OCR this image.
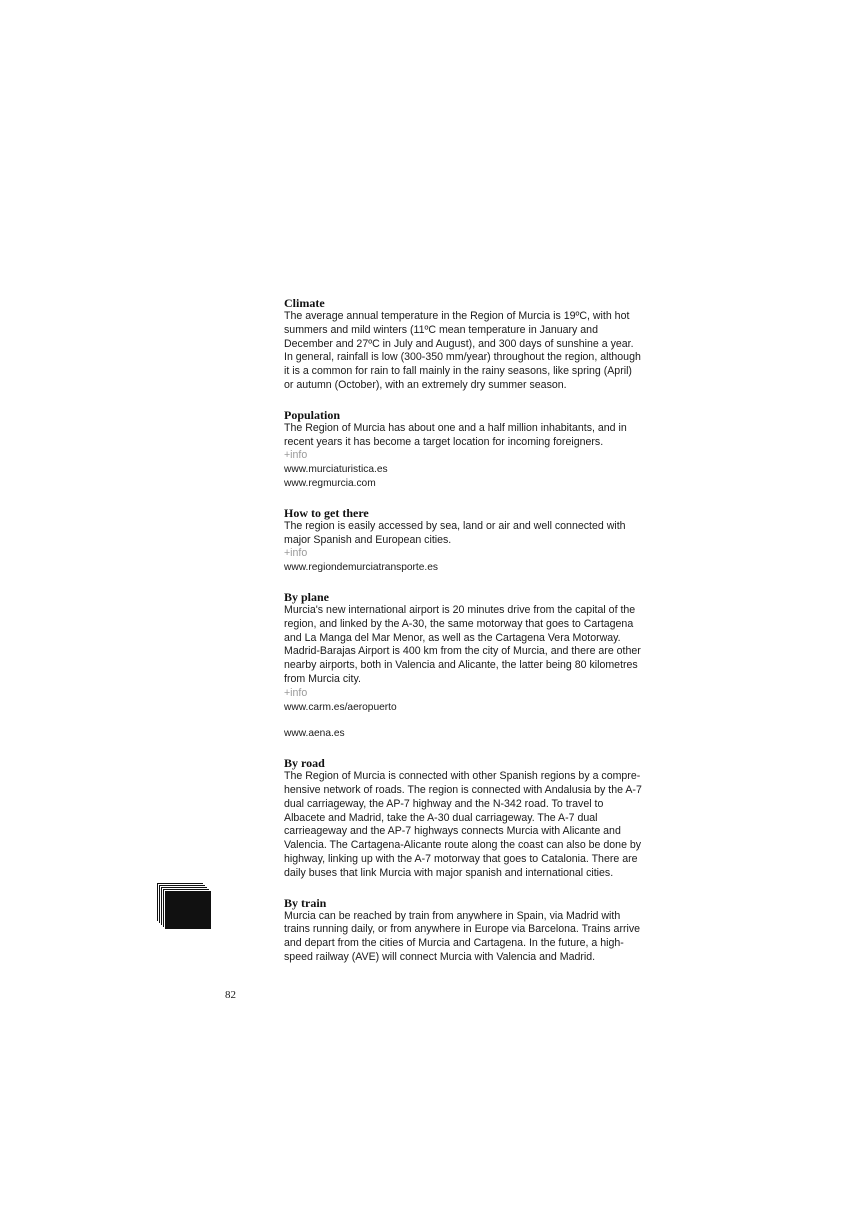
Climate

The average annual temperature in the Region of Murcia is 19ºC, with hot summers and mild winters (11ºC mean temperature in January and December and 27ºC in July and August), and 300 days of sunshine a year. In general, rainfall is low (300-350 mm/year) throughout the region, although it is a common for rain to fall mainly in the rainy seasons, like spring (April) or autumn (October), with an extremely dry summer season.

Population

The Region of Murcia has about one and a half million inhabitants, and in recent years it has become a target location for incoming foreigners.

+info

www.murciaturistica.es
www.regmurcia.com
How to get there

The region is easily accessed by sea, land or air and well connected with major Spanish and European cities.

+info

www.regiondemurciatransporte.es
By plane

Murcia's new international airport is 20 minutes drive from the capital of the region, and linked by the A-30, the same motorway that goes to Cartagena and La Manga del Mar Menor, as well as the Cartagena Vera Motorway. Madrid-Barajas Airport is 400 km from the city of Murcia, and there are other nearby airports, both in Valencia and Alicante, the latter being 80 kilometres from Murcia city.

+info

www.carm.es/aeropuerto
www.aena.es
By road

The Region of Murcia is connected with other Spanish regions by a compre-hensive network of roads. The region is connected with Andalusia by the A-7 dual carriageway, the AP-7 highway and the N-342 road. To travel to Albacete and Madrid, take the A-30 dual carriageway. The A-7 dual carrieageway and the AP-7 highways connects Murcia with Alicante and Valencia. The Cartagena-Alicante route along the coast can also be done by highway, linking up with the A-7 motorway that goes to Catalonia. There are daily buses that link Murcia with major spanish and international cities.

By train

Murcia can be reached by train from anywhere in Spain, via Madrid with trains running daily, or from anywhere in Europe via Barcelona. Trains arrive and depart from the cities of Murcia and Cartagena. In the future, a high-speed railway (AVE) will connect Murcia with Valencia and Madrid.

82
